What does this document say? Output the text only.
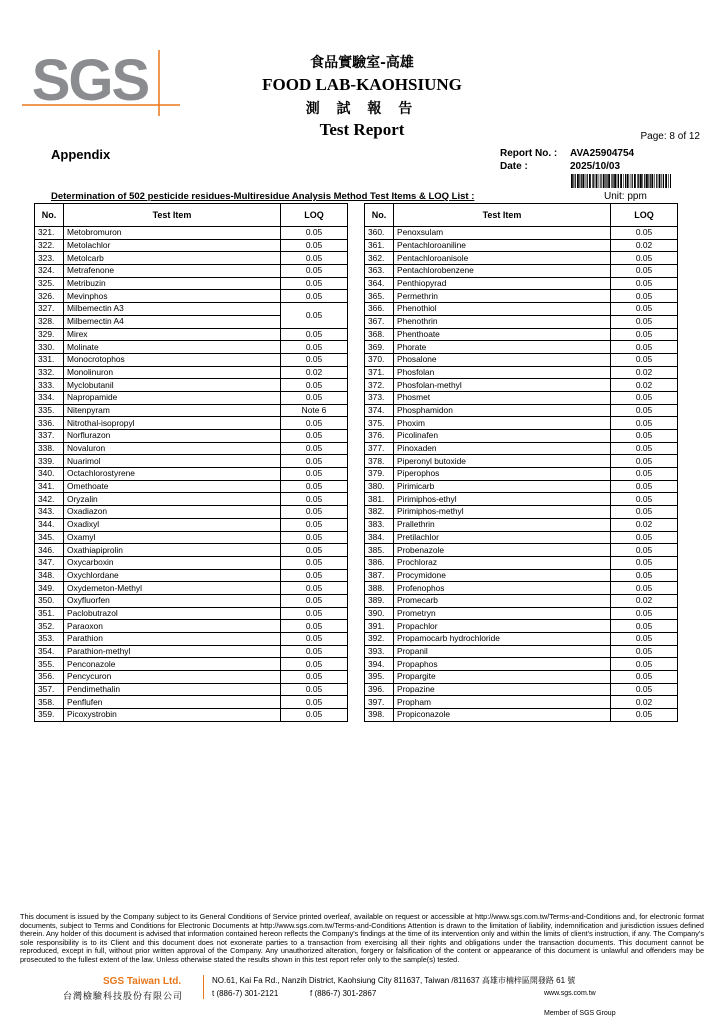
SGS	食品實驗室-高雄
FOOD LAB-KAOHSIUNG
測 試 報 告
Test Report	Page: 8 of 12
Appendix	Report No. : AVA25904754
Date :	2025/10/03
Determination of 502 pesticide residues-Multiresidue Analysis Method Test Items & LOQ List :	Unit: ppm
No.	Test Item	LOQ
321.	Metobromuron	0.05
322.	Metolachlor	0.05
323.	Metolcarb	0.05
324.	Metrafenone	0.05
325.	Metribuzin	0.05
326.	Mevinphos	0.05
327.	Milbemectin A3	0.05
328.	Milbemectin A4	
329.	Mirex	0.05
330.	Molinate	0.05
331.	Monocrotophos	0.05
332.	Monolinuron	0.02
333.	Myclobutanil	0.05
334.	Napropamide	0.05
335.	Nitenpyram	Note 6
336.	Nitrothal-isopropyl	0.05
337.	Norflurazon	0.05
338.	Novaluron	0.05
339.	Nuarimol	0.05
340.	Octachlorostyrene	0.05
341.	Omethoate	0.05
342.	Oryzalin	0.05
343.	Oxadiazon	0.05
344.	Oxadixyl	0.05
345.	Oxamyl	0.05
346.	Oxathiapiprolin	0.05
347.	Oxycarboxin	0.05
348.	Oxychlordane	0.05
349.	Oxydemeton-Methyl	0.05
350.	Oxyfluorfen	0.05
351.	Paclobutrazol	0.05
352.	Paraoxon	0.05
353.	Parathion	0.05
354.	Parathion-methyl	0.05
355.	Penconazole	0.05
356.	Pencycuron	0.05
357.	Pendimethalin	0.05
358.	Penflufen	0.05
359.	Picoxystrobin	0.05
No.	Test Item	LOQ
360.	Penoxsulam	0.05
361.	Pentachloroaniline	0.02
362.	Pentachloroanisole	0.05
363.	Pentachlorobenzene	0.05
364.	Penthiopyrad	0.05
365.	Permethrin	0.05
366.	Phenothiol	0.05
367.	Phenothrin	0.05
368.	Phenthoate	0.05
369.	Phorate	0.05
370.	Phosalone	0.05
371.	Phosfolan	0.02
372.	Phosfolan-methyl	0.02
373.	Phosmet	0.05
374.	Phosphamidon	0.05
375.	Phoxim	0.05
376.	Picolinafen	0.05
377.	Pinoxaden	0.05
378.	Piperonyl butoxide	0.05
379.	Piperophos	0.05
380.	Pirimicarb	0.05
381.	Pirimiphos-ethyl	0.05
382.	Pirimiphos-methyl	0.05
383.	Prallethrin	0.02
384.	Pretilachlor	0.05
385.	Probenazole	0.05
386.	Prochloraz	0.05
387.	Procymidone	0.05
388.	Profenophos	0.05
389.	Promecarb	0.02
390.	Prometryn	0.05
391.	Propachlor	0.05
392.	Propamocarb hydrochloride	0.05
393.	Propanil	0.05
394.	Propaphos	0.05
395.	Propargite	0.05
396.	Propazine	0.05
397.	Propham	0.02
398.	Propiconazole	0.05
This document is issued by the Company subject to its General Conditions of Service printed overleaf, available on request or accessible at http://www.sgs.com.tw/Terms-and-Conditions and, for electronic format documents, subject to Terms and Conditions for Electronic Documents at http://www.sgs.com.tw/Terms-and-Conditions Attention is drawn to the limitation of liability, indemnification and jurisdiction issues defined therein. Any holder of this document is advised that information contained hereon reflects the Company's findings at the time of its intervention only and within the limits of client's instruction, if any. The Company's sole responsibility is to its Client and this document does not exonerate parties to a transaction from exercising all their rights and obligations under the transaction documents. This document cannot be reproduced, except in full, without prior written approval of the Company. Any unauthorized alteration, forgery or falsification of the content or appearance of this document is unlawful and offenders may be prosecuted to the fullest extent of the law. Unless otherwise stated the results shown in this test report refer only to the sample(s) tested.
SGS Taiwan Ltd.
台灣檢驗科技股份有限公司
NO.61, Kai Fa Rd., Nanzih District, Kaohsiung City 811637, Taiwan /811637 高雄市楠梓區開發路 61 號
t (886-7) 301-2121	f (886-7) 301-2867	www.sgs.com.tw
Member of SGS Group
